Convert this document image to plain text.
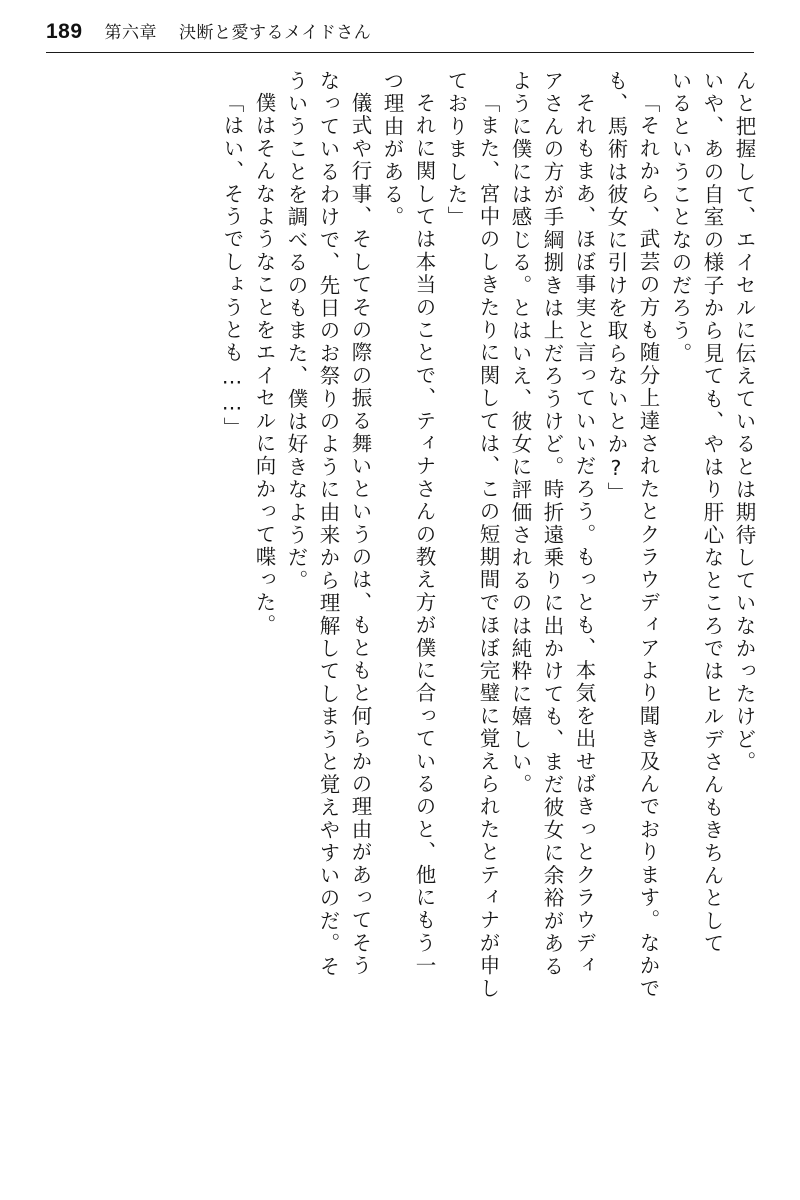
189 第六章 決断と愛するメイドさん
んと把握して、エイセルに伝えているとは期待していなかったけど。
いや、あの自室の様子から見ても、やはり肝心なところではヒルデさんもきちんとして
いるということなのだろう。
「それから、武芸の方も随分上達されたとクラウディアより聞き及んでおります。なかで
も、馬術は彼女に引けを取らないとか?」
それもまあ、ほぼ事実と言っていいだろう。もっとも、本気を出せばきっとクラウディ
アさんの方が手綱捌きは上だろうけど。時折遠乗りに出かけても、まだ彼女に余裕がある
ように僕には感じる。とはいえ、彼女に評価されるのは純粋に嬉しい。
「また、宮中のしきたりに関しては、この短期間でほぼ完璧に覚えられたとティナが申し
ておりました」
それに関しては本当のことで、ティナさんの教え方が僕に合っているのと、他にもう一
つ理由がある。
儀式や行事、そしてその際の振る舞いというのは、もともと何らかの理由があってそう
なっているわけで、先日のお祭りのように由来から理解してしまうと覚えやすいのだ。そ
ういうことを調べるのもまた、僕は好きなようだ。
僕はそんなようなことをエイセルに向かって喋った。
「はい、そうでしょうとも……」
